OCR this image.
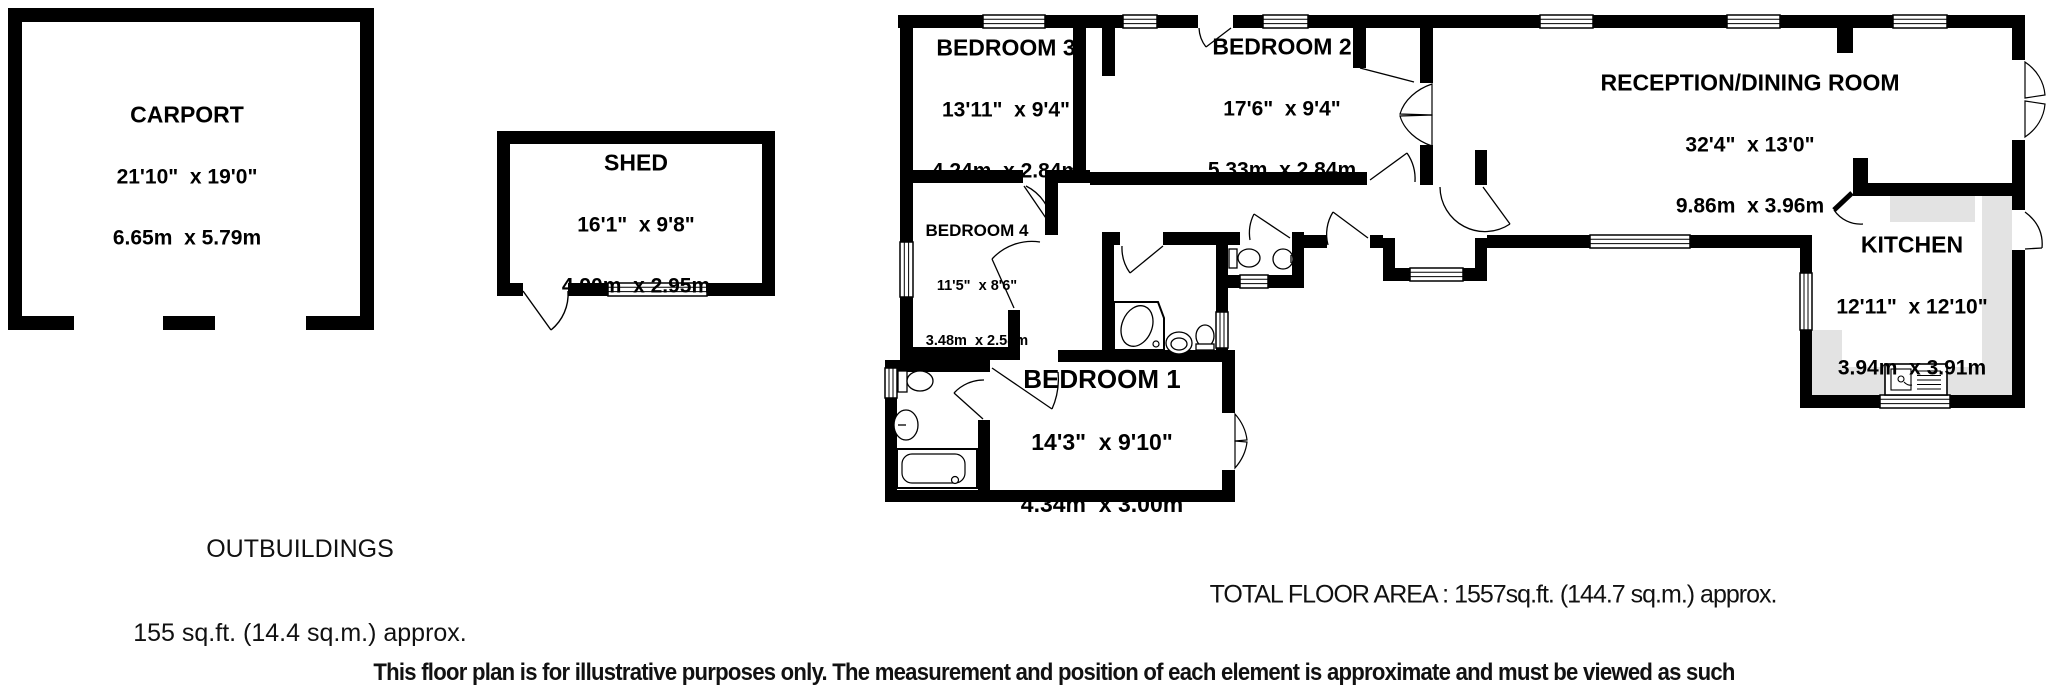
CARPORT

21'10"  x 19'0"

6.65m  x 5.79m

SHED

16'1"  x 9'8"

4.90m  x 2.95m

BEDROOM 3

13'11"  x 9'4"

4.24m  x 2.84m

BEDROOM 2

17'6"  x 9'4"

5.33m  x 2.84m

RECEPTION/DINING ROOM

32'4"  x 13'0"

9.86m  x 3.96m

BEDROOM 4

11'5"  x 8'6"

3.48m  x 2.58m

KITCHEN

12'11"  x 12'10"

3.94m  x 3.91m

BEDROOM 1

14'3"  x 9'10"

4.34m  x 3.00m

OUTBUILDINGS

155 sq.ft. (14.4 sq.m.) approx.

TOTAL FLOOR AREA : 1557sq.ft. (144.7 sq.m.) approx.
This floor plan is for illustrative purposes only. The measurement and position of each element is approximate and must be viewed as such
